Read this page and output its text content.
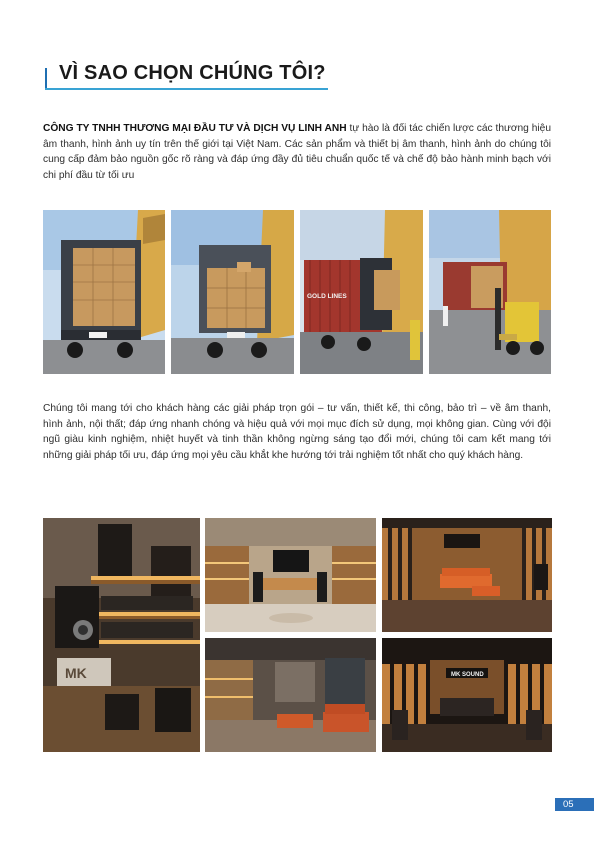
VÌ SAO CHỌN CHÚNG TÔI?

CÔNG TY TNHH THƯƠNG MẠI ĐẦU TƯ VÀ DỊCH VỤ LINH ANH tự hào là đối tác chiến lược các thương hiệu âm thanh, hình ảnh uy tín trên thế giới tại Việt Nam. Các sản phẩm và thiết bị âm thanh, hình ảnh do chúng tôi cung cấp đảm bảo nguồn gốc rõ ràng và đáp ứng đầy đủ tiêu chuẩn quốc tế và chế độ bảo hành minh bạch với chi phí đầu từ tối ưu

GOLD LINES

Chúng tôi mang tới cho khách hàng các giải pháp trọn gói – tư vấn, thiết kế, thi công, bảo trì – về âm thanh, hình ảnh, nội thất; đáp ứng nhanh chóng và hiệu quả với mọi mục đích sử dụng, mọi không gian. Cùng với đội ngũ giàu kinh nghiệm, nhiệt huyết và tinh thần không ngừng sáng tạo đổi mới, chúng tôi cam kết mang tới những giải pháp tối ưu, đáp ứng mọi yêu cầu khắt khe hướng tới trải nghiệm tốt nhất cho quý khách hàng.

MK	MK SOUND
05
